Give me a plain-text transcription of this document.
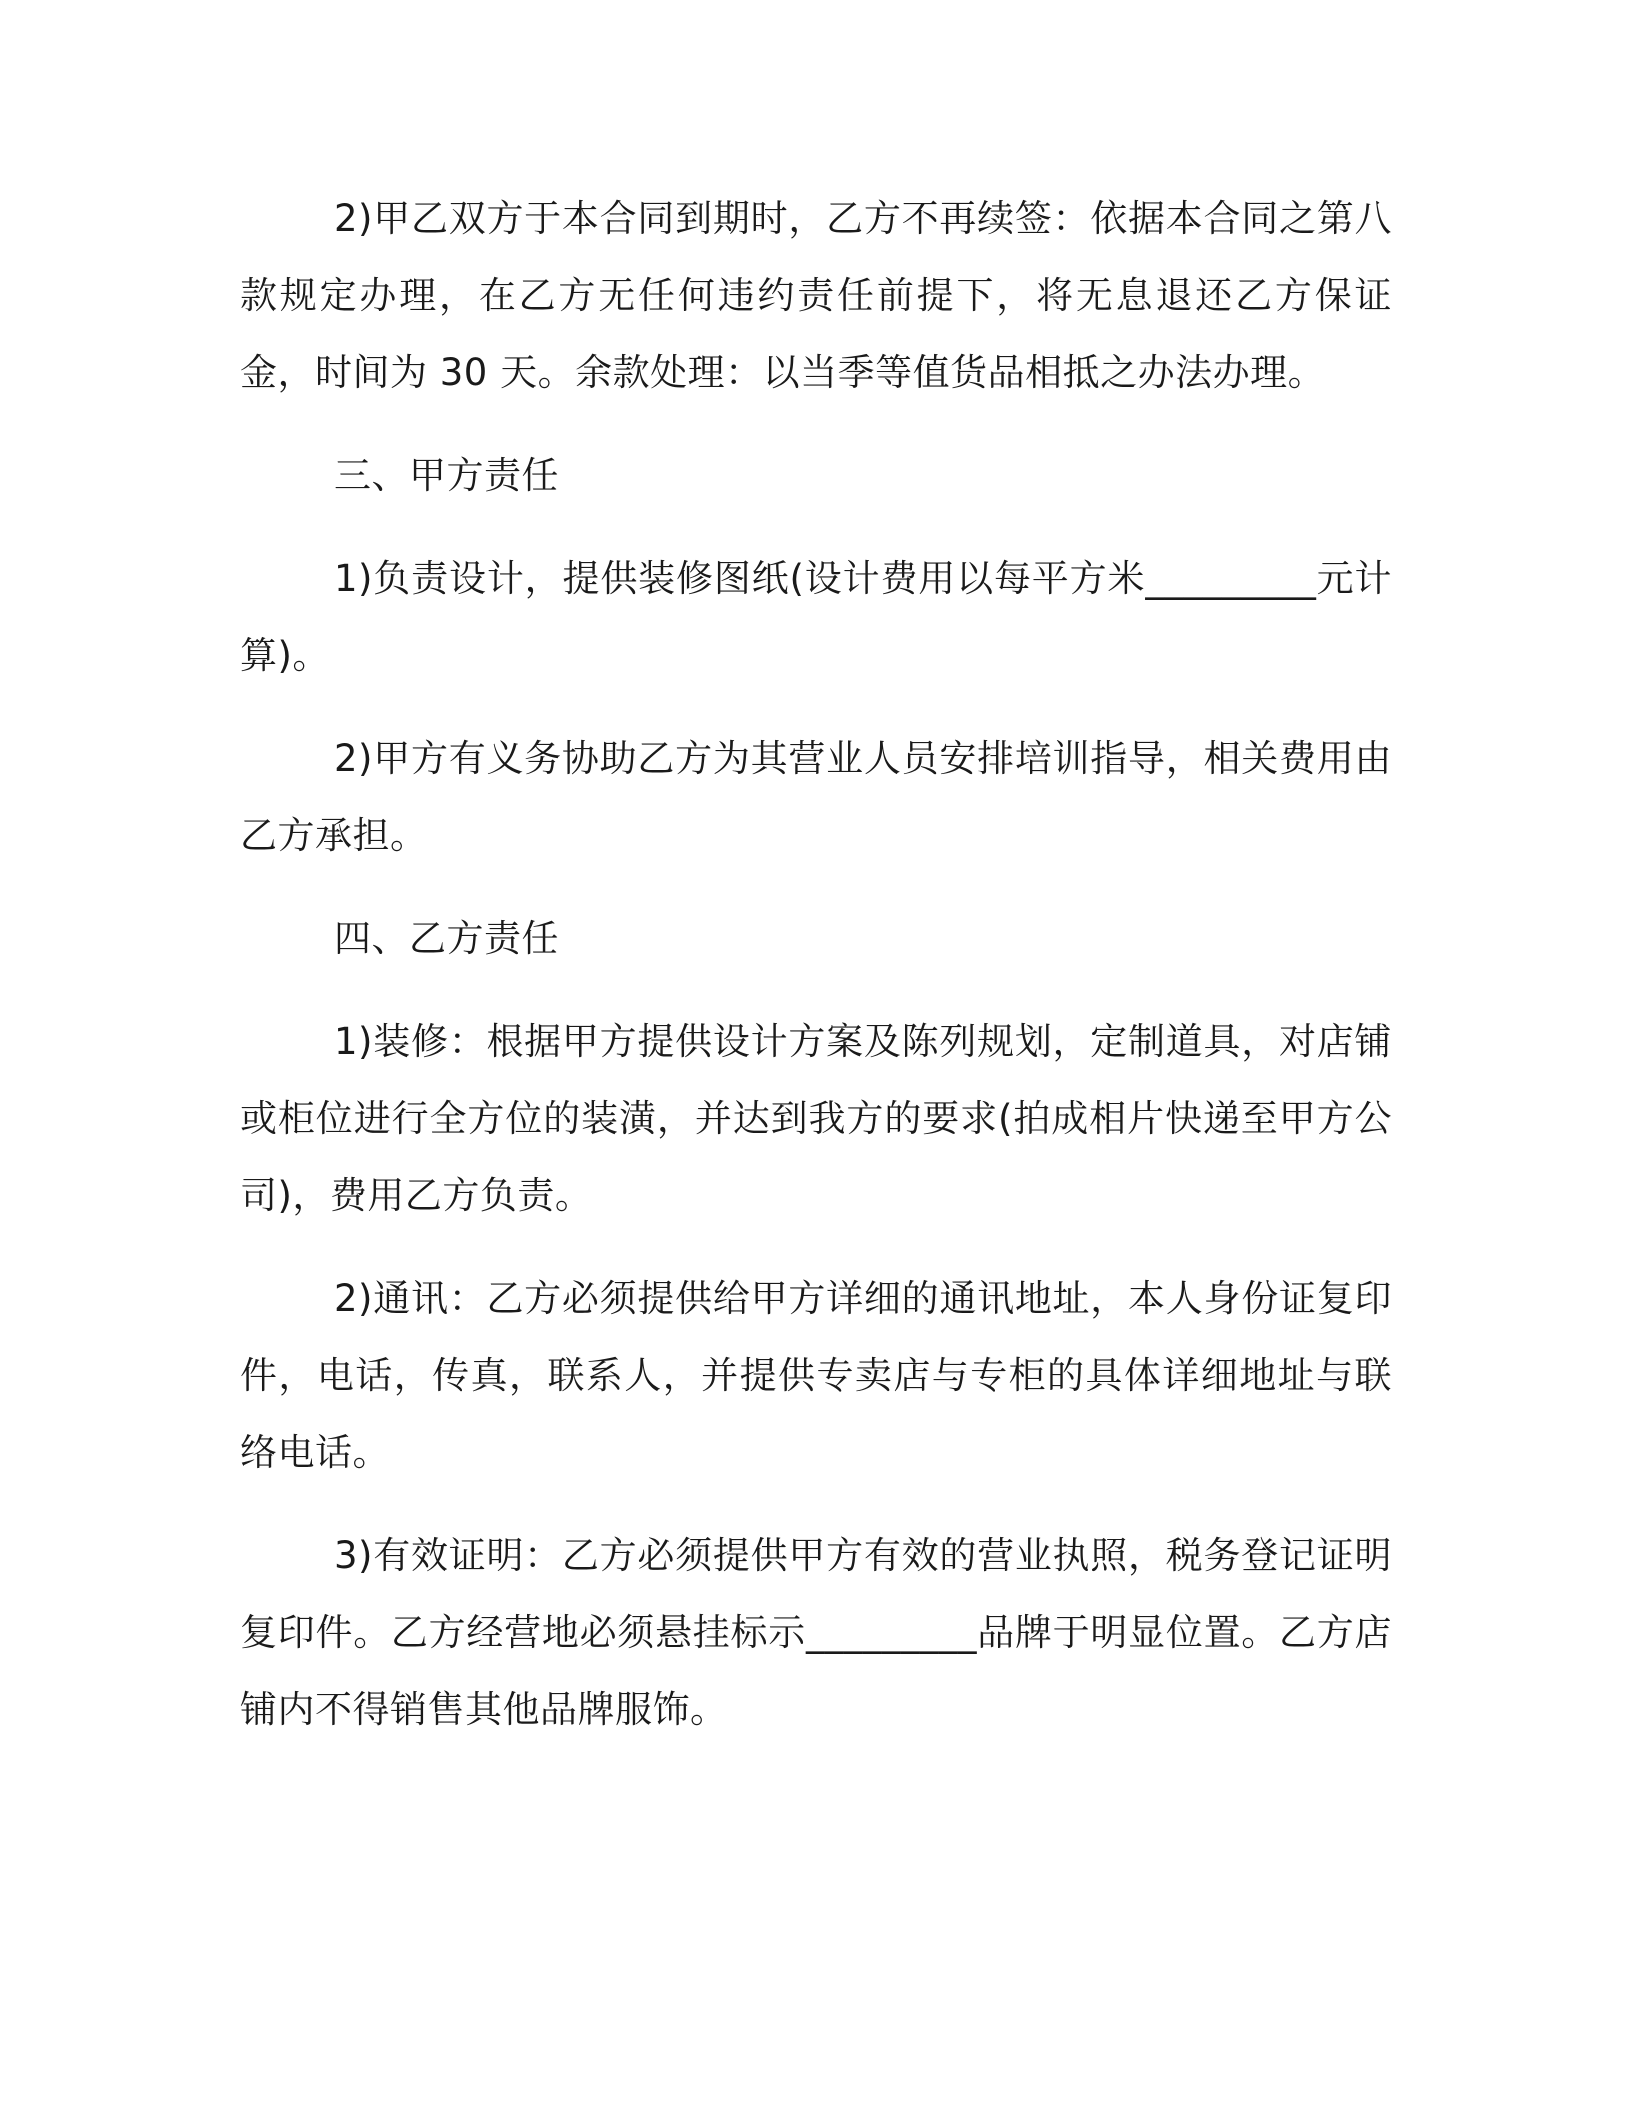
2)甲乙双方于本合同到期时，乙方不再续签：依据本合同之第八款规定办理，在乙方无任何违约责任前提下，将无息退还乙方保证金，时间为 30 天。余款处理：以当季等值货品相抵之办法办理。

三、甲方责任

1)负责设计，提供装修图纸(设计费用以每平方米_________元计算)。

2)甲方有义务协助乙方为其营业人员安排培训指导，相关费用由乙方承担。

四、乙方责任

1)装修：根据甲方提供设计方案及陈列规划，定制道具，对店铺或柜位进行全方位的装潢，并达到我方的要求(拍成相片快递至甲方公司)，费用乙方负责。

2)通讯：乙方必须提供给甲方详细的通讯地址，本人身份证复印件，电话，传真，联系人，并提供专卖店与专柜的具体详细地址与联络电话。

3)有效证明：乙方必须提供甲方有效的营业执照，税务登记证明复印件。乙方经营地必须悬挂标示_________品牌于明显位置。乙方店铺内不得销售其他品牌服饰。
